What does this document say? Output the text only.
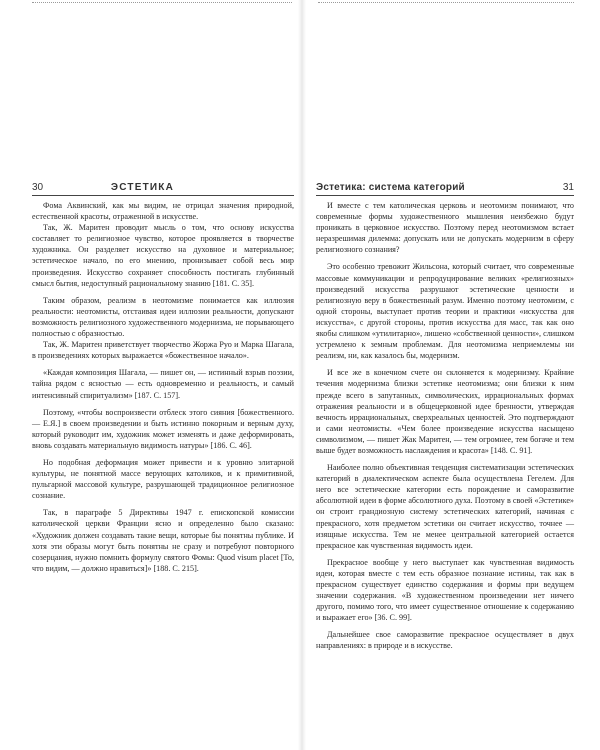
30	ЭСТЕТИКА

Фома Аквинский, как мы видим, не отрицал значения природной, естественной красоты, отраженной в искусстве.

Так, Ж. Маритен проводит мысль о том, что основу искусства составляет то религиозное чувство, которое проявляется в творчестве художника. Он разделяет искусство на духовное и материальное; эстетическое начало, по его мнению, пронизывает собой весь мир произведения. Искусство сохраняет способность постигать глубинный смысл бытия, недоступный рациональному знанию [181. С. 35].

Таким образом, реализм в неотомизме понимается как иллюзия реальности: неотомисты, отстаивая идеи иллюзии реальности, допускают возможность религиозного художественного модернизма, не порывающего полностью с образностью.

Так, Ж. Маритен приветствует творчество Жоржа Руо и Марка Шагала, в произведениях которых выражается «божественное начало».

«Каждая композиция Шагала, — пишет он, — истинный взрыв поэзии, тайна рядом с ясностью — есть одновременно и реальность, и самый интенсивный спиритуализм» [187. С. 157].

Поэтому, «чтобы воспроизвести отблеск этого сияния [божественного. — Е.Я.] в своем произведении и быть истинно покорным и верным духу, который руководит им, художник может изменять и даже деформировать, вновь создавать материальную видимость натуры» [186. С. 46].

Но подобная деформация может привести и к уровню элитарной культуры, не понятной массе верующих католиков, и к примитивной, пульгарной массовой культуре, разрушающей традиционное религиозное сознание.

Так, в параграфе 5 Директивы 1947 г. епископской комиссии католической церкви Франции ясно и определенно было сказано: «Художник должен создавать такие вещи, которые бы понятны публике. И хотя эти образы могут быть понятны не сразу и потребуют повторного созерцания, нужно помнить формулу святого Фомы: Quod visum placet [То, что видим, — должно нравиться]» [188. С. 215].

Эстетика: система категорий	31

И вместе с тем католическая церковь и неотомизм понимают, что современные формы художественного мышления неизбежно будут проникать в церковное искусство. Поэтому перед неотомизмом встает неразрешимая дилемма: допускать или не допускать модернизм в сферу религиозного сознания?

Это особенно тревожит Жильсона, который считает, что современные массовые коммуникации и репродуцирование великих «религиозных» произведений искусства разрушают эстетические ценности и религиозную веру в божественный разум. Именно поэтому неотомизм, с одной стороны, выступает против теории и практики «искусства для искусства», с другой стороны, против искусства для масс, так как оно якобы слишком «утилитарно», лишено «собственной ценности», слишком устремлено к земным проблемам. Для неотомизма неприемлемы ни реализм, ни, как казалось бы, модернизм.

И все же в конечном счете он склоняется к модернизму. Крайние течения модернизма близки эстетике неотомизма; они близки к ним прежде всего в запутанных, символических, иррациональных формах отражения реальности и в общецерковной идее бренности, утверждая вечность иррациональных, сверхреальных ценностей. Это подтверждают и сами неотомисты. «Чем более произведение искусства насыщено символизмом, — пишет Жак Маритен, — тем огромнее, тем богаче и тем выше будет возможность наслаждения и красота» [148. С. 91].

Наиболее полно объективная тенденция систематизации эстетических категорий в диалектическом аспекте была осуществлена Гегелем. Для него все эстетические категории есть порождение и саморазвитие абсолютной идеи в форме абсолютного духа. Поэтому в своей «Эстетике» он строит грандиозную систему эстетических категорий, начиная с прекрасного, хотя предметом эстетики он считает искусство, точнее — изящные искусства. Тем не менее центральной категорией остается прекрасное как чувственная видимость идеи.

Прекрасное вообще у него выступает как чувственная видимость идеи, которая вместе с тем есть образное познание истины, так как в прекрасном существует единство содержания и формы при ведущем значении содержания. «В художественном произведении нет ничего другого, помимо того, что имеет существенное отношение к содержанию и выражает его» [36. С. 99].

Дальнейшее свое саморазвитие прекрасное осуществляет в двух направлениях: в природе и в искусстве.
